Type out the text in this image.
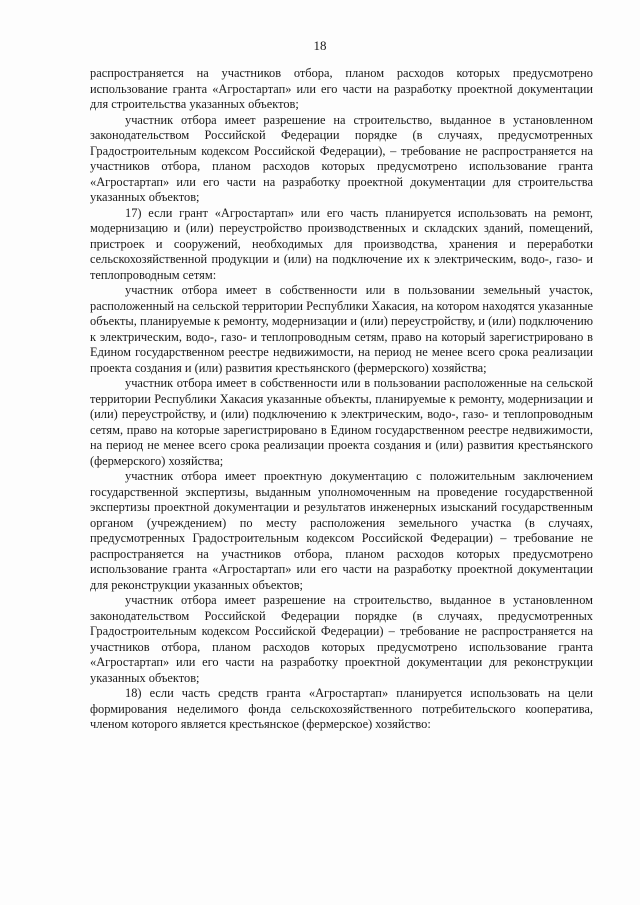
18

распространяется на участников отбора, планом расходов которых предусмотрено использование гранта «Агростартап» или его части на разработку проектной документации для строительства указанных объектов;

участник отбора имеет разрешение на строительство, выданное в установленном законодательством Российской Федерации порядке (в случаях, предусмотренных Градостроительным кодексом Российской Федерации), – требование не распространяется на участников отбора, планом расходов которых предусмотрено использование гранта «Агростартап» или его части на разработку проектной документации для строительства указанных объектов;

17) если грант «Агростартап» или его часть планируется использовать на ремонт, модернизацию и (или) переустройство производственных и складских зданий, помещений, пристроек и сооружений, необходимых для производства, хранения и переработки сельскохозяйственной продукции и (или) на подключение их к электрическим, водо-, газо- и теплопроводным сетям:

участник отбора имеет в собственности или в пользовании земельный участок, расположенный на сельской территории Республики Хакасия, на котором находятся указанные объекты, планируемые к ремонту, модернизации и (или) переустройству, и (или) подключению к электрическим, водо-, газо- и теплопроводным сетям, право на который зарегистрировано в Едином государственном реестре недвижимости, на период не менее всего срока реализации проекта создания и (или) развития крестьянского (фермерского) хозяйства;

участник отбора имеет в собственности или в пользовании расположенные на сельской территории Республики Хакасия указанные объекты, планируемые к ремонту, модернизации и (или) переустройству, и (или) подключению к электрическим, водо-, газо- и теплопроводным сетям, право на которые зарегистрировано в Едином государственном реестре недвижимости, на период не менее всего срока реализации проекта создания и (или) развития крестьянского (фермерского) хозяйства;

участник отбора имеет проектную документацию с положительным заключением государственной экспертизы, выданным уполномоченным на проведение государственной экспертизы проектной документации и результатов инженерных изысканий государственным органом (учреждением) по месту расположения земельного участка (в случаях, предусмотренных Градостроительным кодексом Российской Федерации) – требование не распространяется на участников отбора, планом расходов которых предусмотрено использование гранта «Агростартап» или его части на разработку проектной документации для реконструкции указанных объектов;

участник отбора имеет разрешение на строительство, выданное в установленном законодательством Российской Федерации порядке (в случаях, предусмотренных Градостроительным кодексом Российской Федерации) – требование не распространяется на участников отбора, планом расходов которых предусмотрено использование гранта «Агростартап» или его части на разработку проектной документации для реконструкции указанных объектов;

18) если часть средств гранта «Агростартап» планируется использовать на цели формирования неделимого фонда сельскохозяйственного потребительского кооператива, членом которого является крестьянское (фермерское) хозяйство:
